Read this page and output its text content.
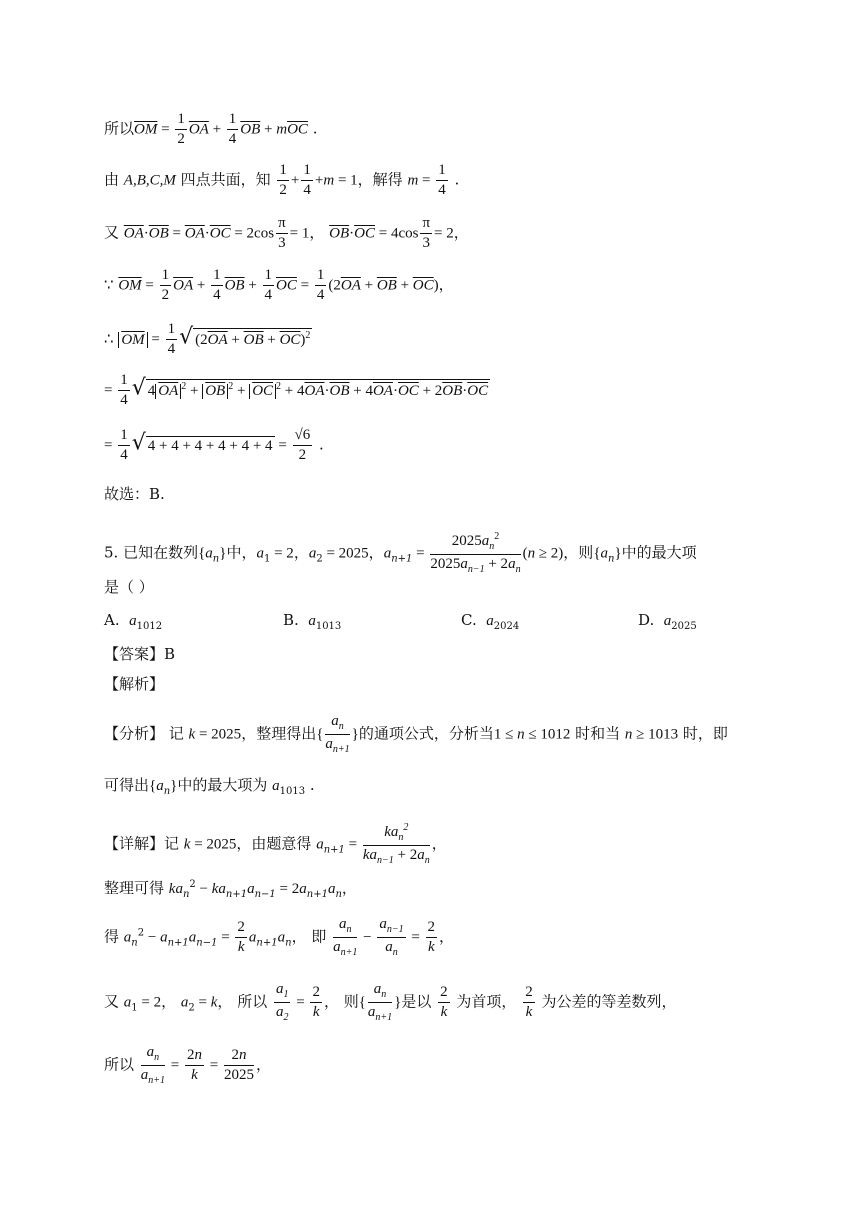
所以$\overline{OM} = \frac{1}{2} \overline{OA} + \frac{1}{4} \overline{OB} + m\overline{OC}$ .
由 A,B,C,M 四点共面，知 $\frac{1}{2} + \frac{1}{4} +m = 1$，解得 $m = \frac{1}{4}$ .
又 $\overline{OA}\cdot\overline{OB} = \overline{OA}\cdot\overline{OC} = 2\cos \frac{\pi}{3} = 1$， $\overline{OB}\cdot\overline{OC} = 4\cos \frac{\pi}{3} = 2$，
∵ $\overline{OM} = \frac{1}{2} \overline{OA} + \frac{1}{4} \overline{OB} + \frac{1}{4} \overline{OC} = \frac{1}{4} (2\overline{OA} + \overline{OB} + \overline{OC})$，
∴ $\overline{OM} = \frac{1}{4}$ √ $(2\overline{OA} + \overline{OB} + \overline{OC})^2$
= $\frac{1}{4}$ √ 4 $\overline{OA}$ $^2 + \overline{OB}$ $^2 + \overline{OC}$ $^2 + 4\overline{OA}\cdot\overline{OB} + 4\overline{OA}\cdot\overline{OC} + 2\overline{OB}\cdot\overline{OC}$
= $\frac{1}{4}$ √ $4 + 4 + 4 + 4 + 4 + 4 = \frac{√6}{2}$ .
故选：B.
5. 已知在数列$\{a_n\}$中，$a_1 = 2$，$a_2 = 2025$，$a_{n+1} = \frac{2025a_n^2}{2025a_{n-1} + 2a_n} (n \ge 2)$，则$\{a_n\}$中的最大项
是（ ）
A.  $a_{1012}$	B.  $a_{1013}$	C.  $a_{2024}$	D.  $a_{2025}$
【答案】B
【解析】
【分析】 记 k = 2025，整理得出{ $\frac{a_n}{a_{n+1}}$ }的通项公式，分析当1 ≤ n ≤ 1012 时和当 n ≥ 1013 时，即
可得出$\{a_n\}$中的最大项为 $a_{1013}$ .
【详解】记 k = 2025，由题意得 $a_{n+1}$ =
$ka_n^2$
$ka_{n-1} + 2a_n$
，
整理可得 $ka_n^2 - ka_{n+1}a_{n-1} = 2a_{n+1}a_n$，
得 $a_n^2 - a_{n+1}a_{n-1} = \frac{2}{k} a_{n+1}a_n$， 即 $\frac{a_n}{a_{n+1}} - \frac{a_{n-1}}{a_n} = \frac{2}{k}$ ，
又 $a_1 = 2$， $a_2 = k$， 所以 $\frac{a_1}{a_2} = \frac{2}{k}$ ， 则{ $\frac{a_n}{a_{n+1}}$ }是以 $\frac{2}{k}$ 为首项， $\frac{2}{k}$ 为公差的等差数列，
所以 $\frac{a_n}{a_{n+1}} = \frac{2n}{k} = \frac{2n}{2025}$ ，
